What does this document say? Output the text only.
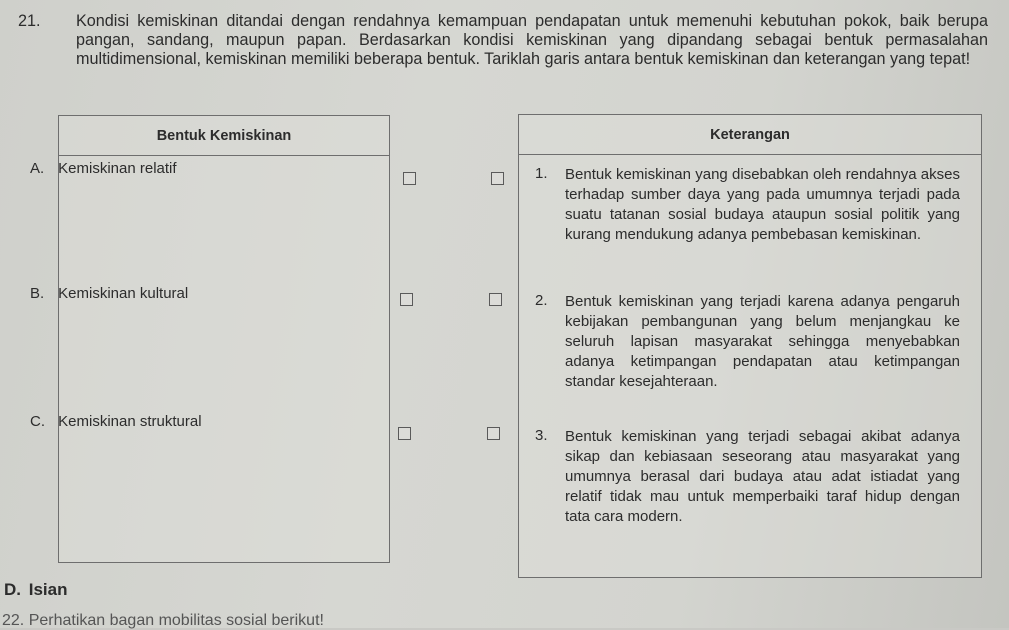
21. Kondisi kemiskinan ditandai dengan rendahnya kemampuan pendapatan untuk memenuhi kebutuhan pokok, baik berupa pangan, sandang, maupun papan. Berdasarkan kondisi kemiskinan yang dipandang sebagai bentuk permasalahan multidimensional, kemiskinan memiliki beberapa bentuk. Tariklah garis antara bentuk kemiskinan dan keterangan yang tepat!
Bentuk Kemiskinan
A. Kemiskinan relatif
B. Kemiskinan kultural
C. Kemiskinan struktural
Keterangan
1. Bentuk kemiskinan yang disebabkan oleh rendahnya akses terhadap sumber daya yang pada umumnya terjadi pada suatu tatanan sosial budaya ataupun sosial politik yang kurang mendukung adanya pembebasan kemiskinan.
2. Bentuk kemiskinan yang terjadi karena adanya pengaruh kebijakan pembangunan yang belum menjangkau ke seluruh lapisan masyarakat sehingga menyebabkan adanya ketimpangan pendapatan atau ketimpangan standar kesejahteraan.
3. Bentuk kemiskinan yang terjadi sebagai akibat adanya sikap dan kebiasaan seseorang atau masyarakat yang umumnya berasal dari budaya atau adat istiadat yang relatif tidak mau untuk memperbaiki taraf hidup dengan tata cara modern.
D. Isian
22. Perhatikan bagan mobilitas sosial berikut!
